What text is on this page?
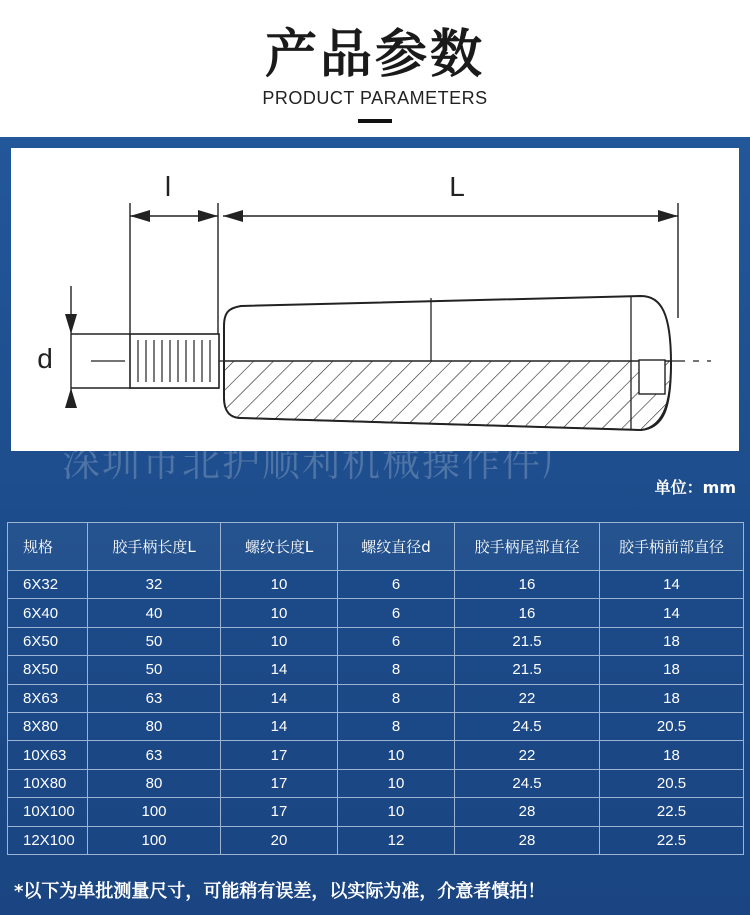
产品参数
PRODUCT PARAMETERS
l	L
d
深圳市北护顺利机械操作件厂
单位：mm
规格	胶手柄长度L	螺纹长度L	螺纹直径d	胶手柄尾部直径	胶手柄前部直径
6X32	32	10	6	16	14
6X40	40	10	6	16	14
6X50	50	10	6	21.5	18
8X50	50	14	8	21.5	18
8X63	63	14	8	22	18
8X80	80	14	8	24.5	20.5
10X63	63	17	10	22	18
10X80	80	17	10	24.5	20.5
10X100	100	17	10	28	22.5
12X100	100	20	12	28	22.5
*以下为单批测量尺寸，可能稍有误差，以实际为准，介意者慎拍！
